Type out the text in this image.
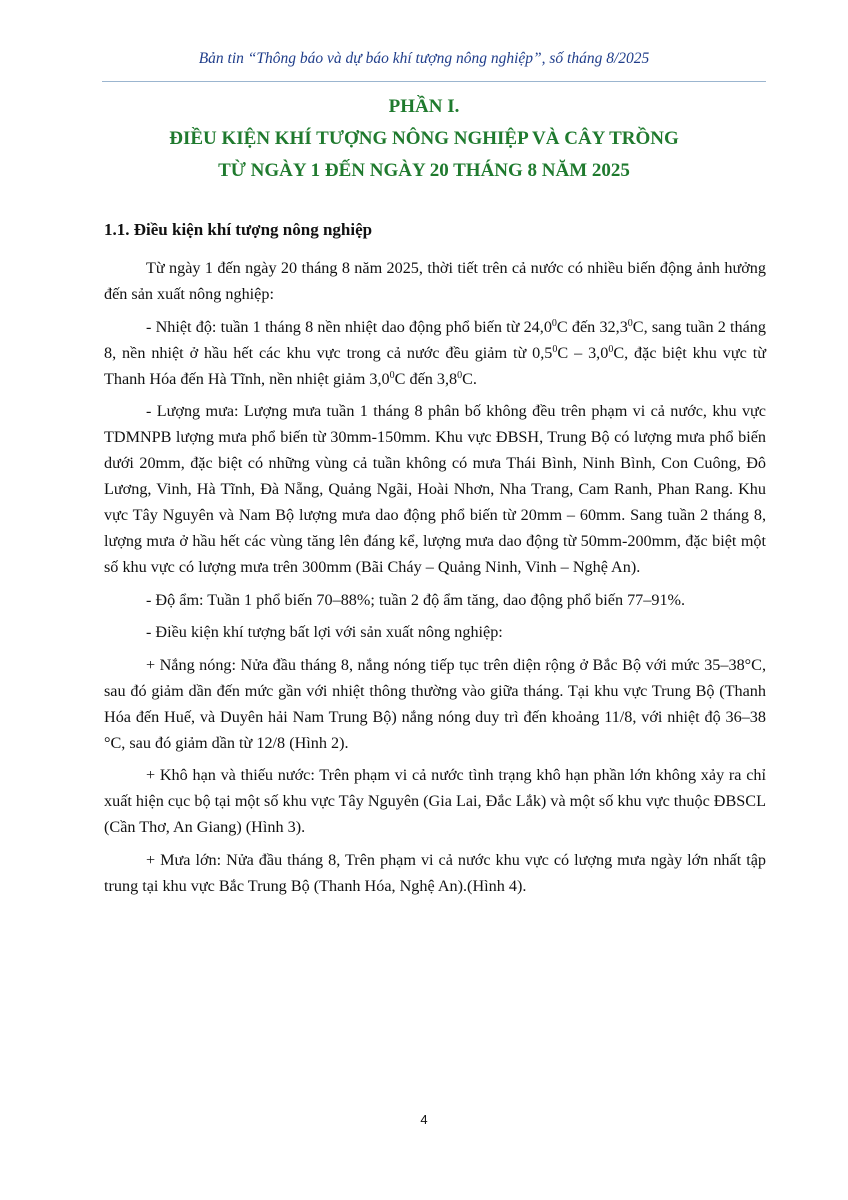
Bản tin “Thông báo và dự báo khí tượng nông nghiệp”, số tháng 8/2025
PHẦN I.
ĐIỀU KIỆN KHÍ TƯỢNG NÔNG NGHIỆP VÀ CÂY TRỒNG
TỪ NGÀY 1 ĐẾN NGÀY 20 THÁNG 8 NĂM 2025
1.1. Điều kiện khí tượng nông nghiệp

Từ ngày 1 đến ngày 20 tháng 8 năm 2025, thời tiết trên cả nước có nhiều biến động ảnh hưởng đến sản xuất nông nghiệp:

- Nhiệt độ: tuần 1 tháng 8 nền nhiệt dao động phổ biến từ 24,0$^0$C đến 32,3$^0$C, sang tuần 2 tháng 8, nền nhiệt ở hầu hết các khu vực trong cả nước đều giảm từ $0,5^0C - 3,0^0C$, đặc biệt khu vực từ Thanh Hóa đến Hà Tĩnh, nền nhiệt giảm $3,0^0C$ đến $3,8^0C$.

- Lượng mưa: Lượng mưa tuần 1 tháng 8 phân bố không đều trên phạm vi cả nước, khu vực TDMNPB lượng mưa phổ biến từ 30mm-150mm. Khu vực ĐBSH, Trung Bộ có lượng mưa phổ biến dưới 20mm, đặc biệt có những vùng cả tuần không có mưa Thái Bình, Ninh Bình, Con Cuông, Đô Lương, Vinh, Hà Tĩnh, Đà Nẵng, Quảng Ngãi, Hoài Nhơn, Nha Trang, Cam Ranh, Phan Rang. Khu vực Tây Nguyên và Nam Bộ lượng mưa dao động phổ biến từ 20mm – 60mm. Sang tuần 2 tháng 8, lượng mưa ở hầu hết các vùng tăng lên đáng kể, lượng mưa dao động từ 50mm-200mm, đặc biệt một số khu vực có lượng mưa trên 300mm (Bãi Cháy – Quảng Ninh, Vinh – Nghệ An).

- Độ ẩm: Tuần 1 phổ biến 70–88%; tuần 2 độ ẩm tăng, dao động phổ biến 77–91%.

- Điều kiện khí tượng bất lợi với sản xuất nông nghiệp:

+ Nắng nóng: Nửa đầu tháng 8, nắng nóng tiếp tục trên diện rộng ở Bắc Bộ với mức 35–38°C, sau đó giảm dần đến mức gần với nhiệt thông thường vào giữa tháng. Tại khu vực Trung Bộ (Thanh Hóa đến Huế, và Duyên hải Nam Trung Bộ) nắng nóng duy trì đến khoảng 11/8, với nhiệt độ 36–38 °C, sau đó giảm dần từ 12/8 (Hình 2).

+ Khô hạn và thiếu nước: Trên phạm vi cả nước tình trạng khô hạn phần lớn không xảy ra chỉ xuất hiện cục bộ tại một số khu vực Tây Nguyên (Gia Lai, Đắc Lắk) và một số khu vực thuộc ĐBSCL (Cần Thơ, An Giang) (Hình 3).

+ Mưa lớn: Nửa đầu tháng 8, Trên phạm vi cả nước khu vực có lượng mưa ngày lớn nhất tập trung tại khu vực Bắc Trung Bộ (Thanh Hóa, Nghệ An).(Hình 4).

4
